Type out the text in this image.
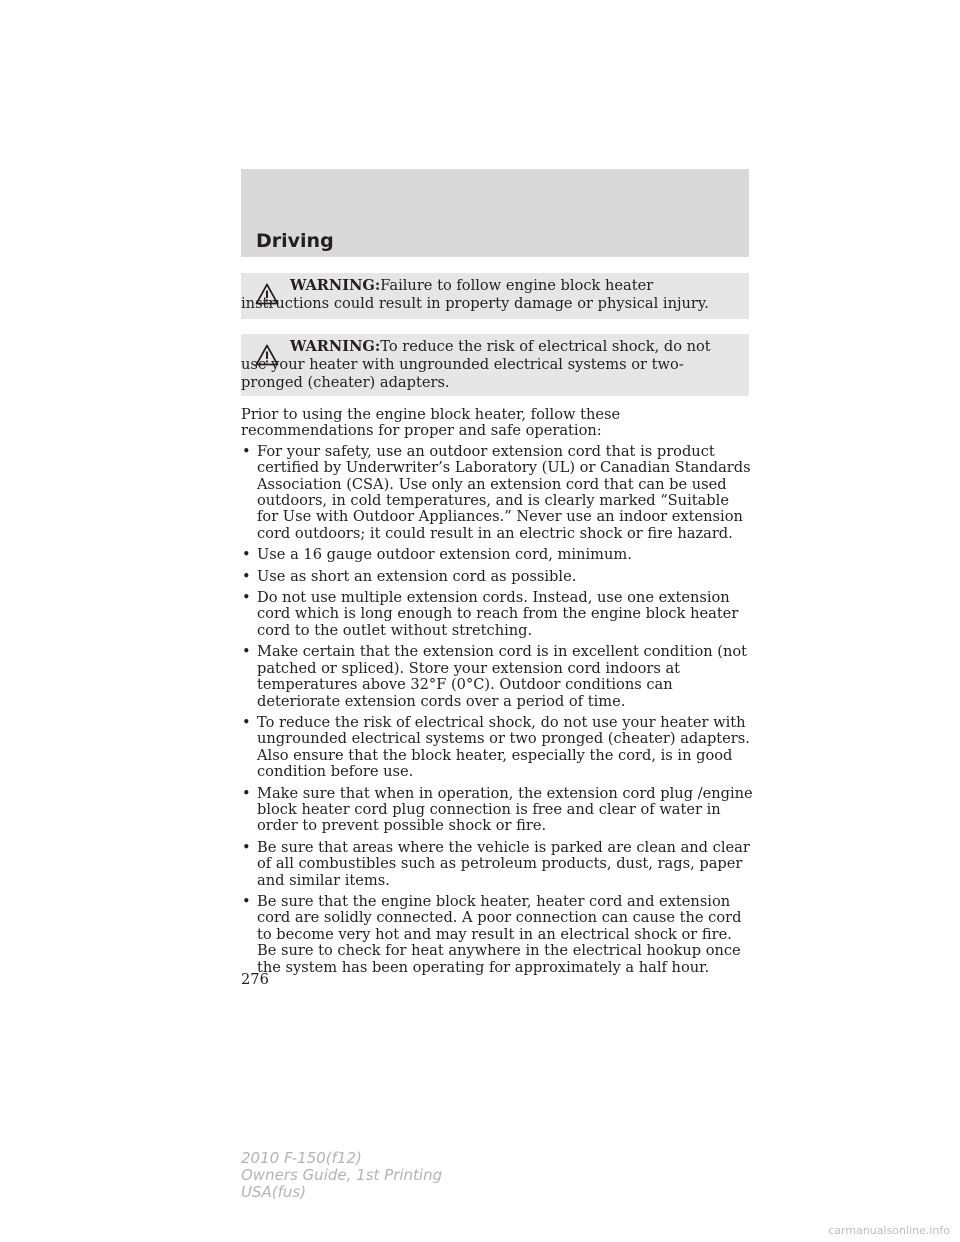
Driving
WARNING:Failure to follow engine block heater instructions could result in property damage or physical injury.
WARNING:To reduce the risk of electrical shock, do not use your heater with ungrounded electrical systems or two-pronged (cheater) adapters.

Prior to using the engine block heater, follow these recommendations for proper and safe operation:

• For your safety, use an outdoor extension cord that is product certified by Underwriter’s Laboratory (UL) or Canadian Standards Association (CSA). Use only an extension cord that can be used outdoors, in cold temperatures, and is clearly marked “Suitable for Use with Outdoor Appliances.” Never use an indoor extension cord outdoors; it could result in an electric shock or fire hazard.
• Use a 16 gauge outdoor extension cord, minimum.
• Use as short an extension cord as possible.
• Do not use multiple extension cords. Instead, use one extension cord which is long enough to reach from the engine block heater cord to the outlet without stretching.
• Make certain that the extension cord is in excellent condition (not patched or spliced). Store your extension cord indoors at temperatures above 32°F (0°C). Outdoor conditions can deteriorate extension cords over a period of time.
• To reduce the risk of electrical shock, do not use your heater with ungrounded electrical systems or two pronged (cheater) adapters. Also ensure that the block heater, especially the cord, is in good condition before use.
• Make sure that when in operation, the extension cord plug /engine block heater cord plug connection is free and clear of water in order to prevent possible shock or fire.
• Be sure that areas where the vehicle is parked are clean and clear of all combustibles such as petroleum products, dust, rags, paper and similar items.
• Be sure that the engine block heater, heater cord and extension cord are solidly connected. A poor connection can cause the cord to become very hot and may result in an electrical shock or fire. Be sure to check for heat anywhere in the electrical hookup once the system has been operating for approximately a half hour.
276
2010 F-150(f12)
Owners Guide, 1st Printing
USA(fus)
carmanualsonline.info
